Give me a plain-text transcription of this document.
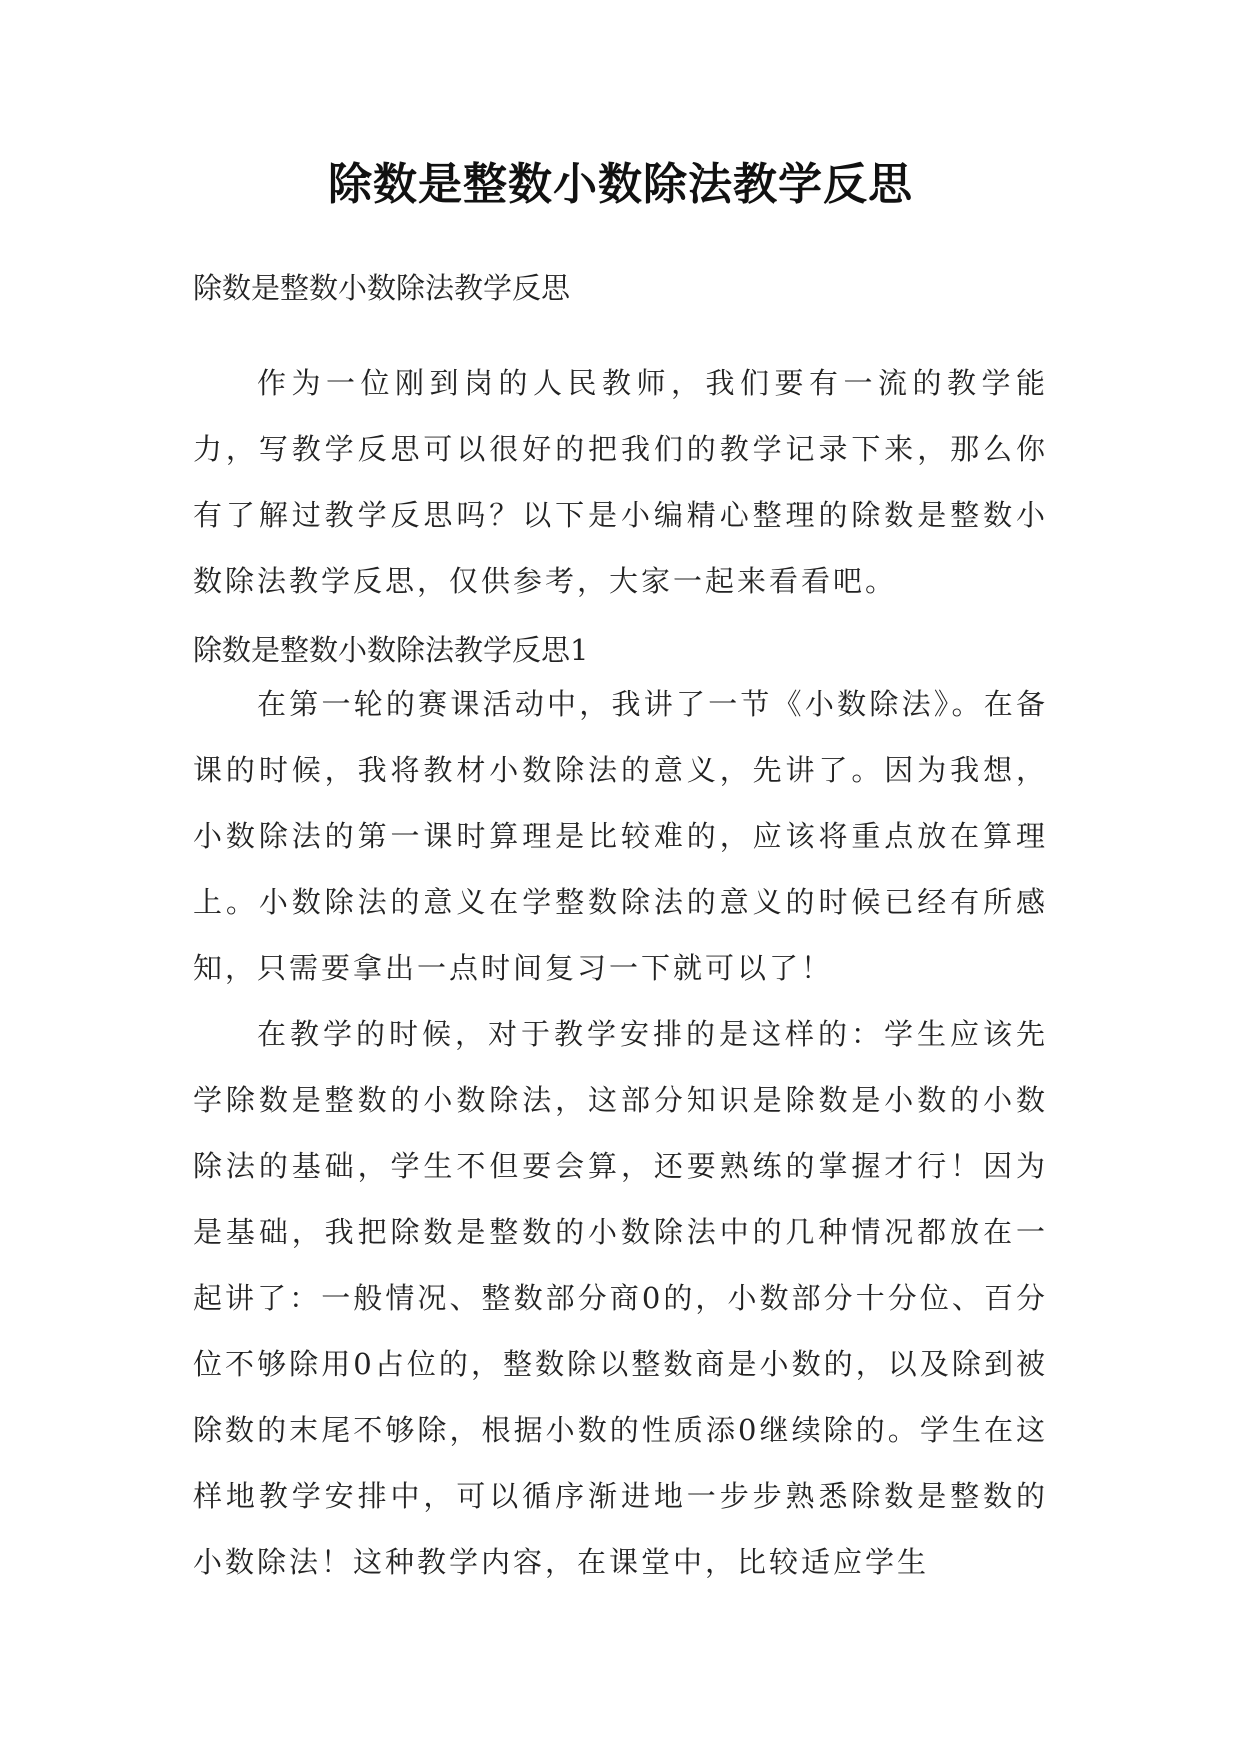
除数是整数小数除法教学反思

除数是整数小数除法教学反思

作为一位刚到岗的人民教师，我们要有一流的教学能力，写教学反思可以很好的把我们的教学记录下来，那么你有了解过教学反思吗？以下是小编精心整理的除数是整数小数除法教学反思，仅供参考，大家一起来看看吧。

除数是整数小数除法教学反思1

在第一轮的赛课活动中，我讲了一节《小数除法》。在备课的时候，我将教材小数除法的意义，先讲了。因为我想，小数除法的第一课时算理是比较难的，应该将重点放在算理上。小数除法的意义在学整数除法的意义的时候已经有所感知，只需要拿出一点时间复习一下就可以了！

在教学的时候，对于教学安排的是这样的：学生应该先学除数是整数的小数除法，这部分知识是除数是小数的小数除法的基础，学生不但要会算，还要熟练的掌握才行！因为是基础，我把除数是整数的小数除法中的几种情况都放在一起讲了：一般情况、整数部分商0的，小数部分十分位、百分位不够除用0占位的，整数除以整数商是小数的，以及除到被除数的末尾不够除，根据小数的性质添0继续除的。学生在这样地教学安排中，可以循序渐进地一步步熟悉除数是整数的小数除法！这种教学内容，在课堂中，比较适应学生
